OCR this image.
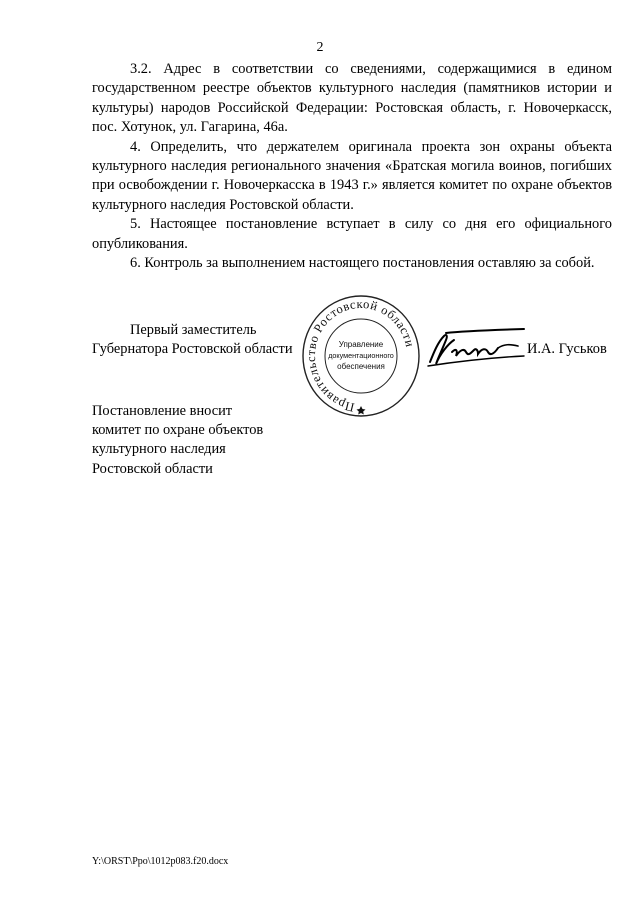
2

3.2. Адрес в соответствии со сведениями, содержащимися в едином государственном реестре объектов культурного наследия (памятников истории и культуры) народов Российской Федерации: Ростовская область, г. Новочеркасск, пос. Хотунок, ул. Гагарина, 46а.

4. Определить, что держателем оригинала проекта зон охраны объекта культурного наследия регионального значения «Братская могила воинов, погибших при освобождении г. Новочеркасска в 1943 г.» является комитет по охране объектов культурного наследия Ростовской области.

5. Настоящее постановление вступает в силу со дня его официального опубликования.

6. Контроль за выполнением настоящего постановления оставляю за собой.

Первый заместитель
Губернатора Ростовской области
Правительство Ростовской области
Управление
документационного
обеспечения
И.А. Гуськов
Постановление вносит
комитет по охране объектов
культурного наследия
Ростовской области
Y:\ORST\Ppo\1012p083.f20.docx
